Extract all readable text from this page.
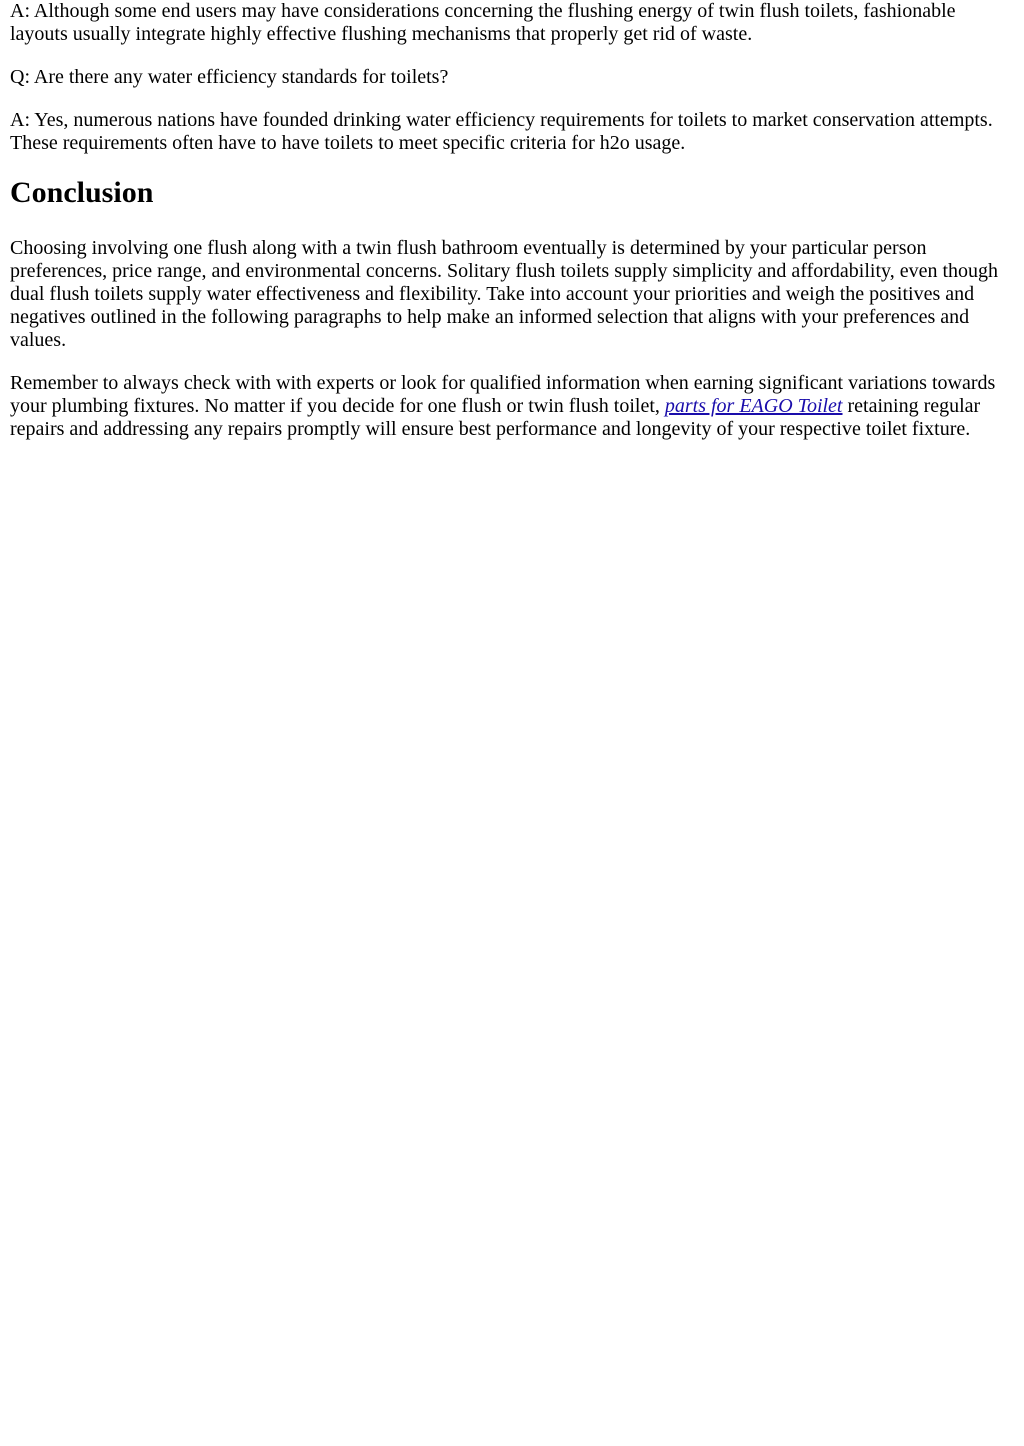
A: Although some end users may have considerations concerning the flushing energy of twin flush toilets, fashionable layouts usually integrate highly effective flushing mechanisms that properly get rid of waste.

Q: Are there any water efficiency standards for toilets?

A: Yes, numerous nations have founded drinking water efficiency requirements for toilets to market conservation attempts. These requirements often have to have toilets to meet specific criteria for h2o usage.

Conclusion

Choosing involving one flush along with a twin flush bathroom eventually is determined by your particular person preferences, price range, and environmental concerns. Solitary flush toilets supply simplicity and affordability, even though dual flush toilets supply water effectiveness and flexibility. Take into account your priorities and weigh the positives and negatives outlined in the following paragraphs to help make an informed selection that aligns with your preferences and values.

Remember to always check with with experts or look for qualified information when earning significant variations towards your plumbing fixtures. No matter if you decide for one flush or twin flush toilet, parts for EAGO Toilet retaining regular repairs and addressing any repairs promptly will ensure best performance and longevity of your respective toilet fixture.
